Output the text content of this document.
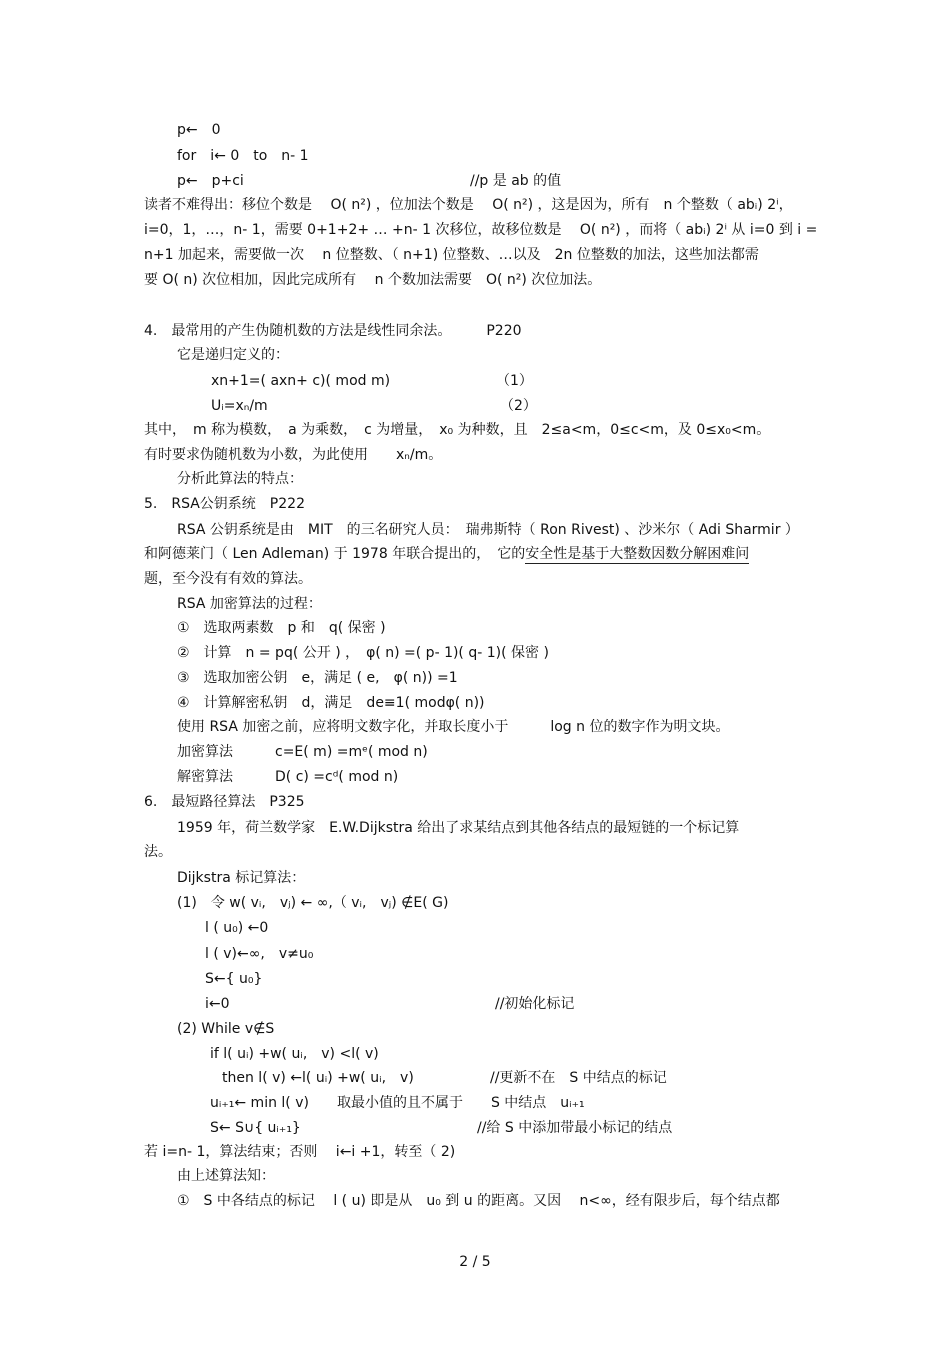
p←　0
for　i← 0　to　n- 1
p←　p+ci	//p 是 ab 的值
读者不难得出：移位个数是　 O( n²) ，位加法个数是　 O( n²) ，这是因为，所有　n 个整数（ abᵢ) 2ⁱ，
i=0，1，…，n- 1，需要 0+1+2+ … +n- 1 次移位，故移位数是　 O( n²) ，而将（ abᵢ) 2ⁱ 从 i=0 到 i =
n+1 加起来，需要做一次　 n 位整数、（ n+1) 位整数、…以及　2n 位整数的加法，这些加法都需
要 O( n) 次位相加，因此完成所有　 n 个数加法需要　O( n²) 次位加法。
4.　最常用的产生伪随机数的方法是线性同余法。　　　P220
它是递归定义的：
xn+1=( axn+ c)( mod m)	（1）
Uᵢ=xₙ/m	（2）
其中，　m 称为模数，　a 为乘数，　c 为增量，　x₀ 为种数，且　2≤a<m，0≤c<m，及 0≤x₀<m。
有时要求伪随机数为小数，为此使用　　xₙ/m。
分析此算法的特点：
5.　RSA公钥系统　P222
RSA 公钥系统是由　MIT　的三名研究人员：　瑞弗斯特（ Ron Rivest) 、沙米尔（ Adi Sharmir ）
和阿德莱门（ Len Adleman) 于 1978 年联合提出的，　它的安全性是基于大整数因数分解困难问
题，至今没有有效的算法。
RSA 加密算法的过程：
①　选取两素数　p 和　q( 保密 )
②　计算　n = pq( 公开 ) ，　φ( n) =( p- 1)( q- 1)( 保密 )
③　选取加密公钥　e，满足 ( e,　φ( n)) =1
④　计算解密私钥　d，满足　de≡1( modφ( n))
使用 RSA 加密之前，应将明文数字化，并取长度小于　　　log n 位的数字作为明文块。
加密算法　　　c=E( m) =mᵉ( mod n)
解密算法　　　D( c) =cᵈ( mod n)
6.　最短路径算法　P325
1959 年，荷兰数学家　E.W.Dijkstra 给出了求某结点到其他各结点的最短链的一个标记算
法。
Dijkstra 标记算法：
(1)　令 w( vᵢ,　vⱼ) ← ∞,（ vᵢ,　vⱼ) ∉E( G)
l ( u₀) ←0
l ( v)←∞,　v≠u₀
S←{ u₀}
i←0	//初始化标记
(2) While v∉S
if l( uᵢ) +w( uᵢ,　v) <l( v)
then l( v) ←l( uᵢ) +w( uᵢ,　v)	//更新不在　S 中结点的标记
uᵢ₊₁← min l( v)　　取最小值的且不属于　　S 中结点　uᵢ₊₁
S← S∪{ uᵢ₊₁}	//给 S 中添加带最小标记的结点
若 i=n- 1，算法结束；否则　 i←i +1，转至（ 2)
由上述算法知：
①　S 中各结点的标记　 l ( u) 即是从　u₀ 到 u 的距离。又因　 n<∞，经有限步后，每个结点都
2 / 5
